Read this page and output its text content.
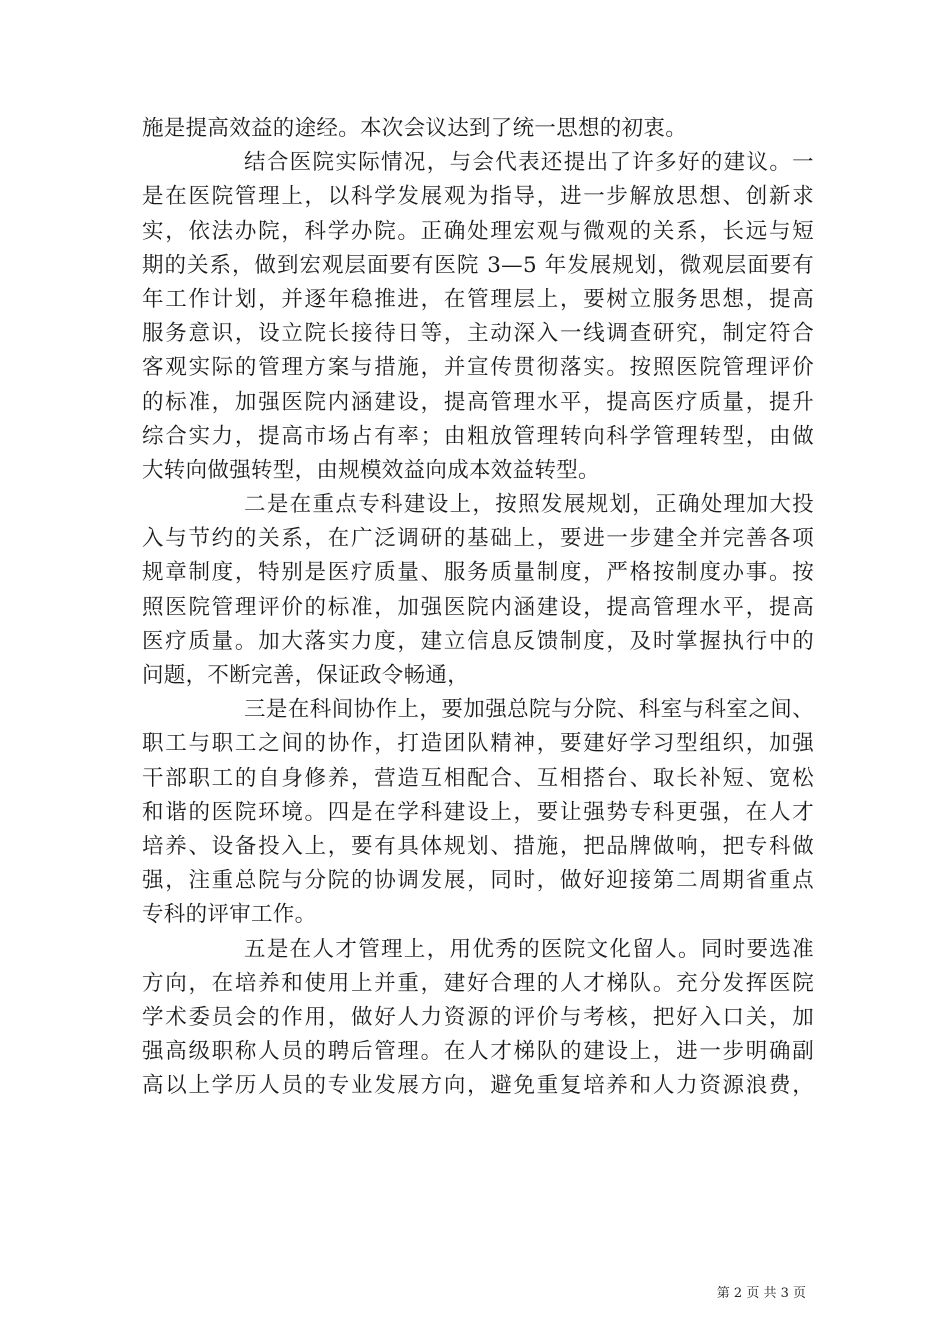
施是提高效益的途经。本次会议达到了统一思想的初衷。
结合医院实际情况，与会代表还提出了许多好的建议。一
是在医院管理上，以科学发展观为指导，进一步解放思想、创新求
实，依法办院，科学办院。正确处理宏观与微观的关系，长远与短
期的关系，做到宏观层面要有医院 3—5 年发展规划，微观层面要有
年工作计划，并逐年稳推进，在管理层上，要树立服务思想，提高
服务意识，设立院长接待日等，主动深入一线调查研究，制定符合
客观实际的管理方案与措施，并宣传贯彻落实。按照医院管理评价
的标准，加强医院内涵建设，提高管理水平，提高医疗质量，提升
综合实力，提高市场占有率；由粗放管理转向科学管理转型，由做
大转向做强转型，由规模效益向成本效益转型。
二是在重点专科建设上，按照发展规划，正确处理加大投
入与节约的关系，在广泛调研的基础上，要进一步建全并完善各项
规章制度，特别是医疗质量、服务质量制度，严格按制度办事。按
照医院管理评价的标准，加强医院内涵建设，提高管理水平，提高
医疗质量。加大落实力度，建立信息反馈制度，及时掌握执行中的
问题，不断完善，保证政令畅通，
三是在科间协作上，要加强总院与分院、科室与科室之间、
职工与职工之间的协作，打造团队精神，要建好学习型组织，加强
干部职工的自身修养，营造互相配合、互相搭台、取长补短、宽松
和谐的医院环境。四是在学科建设上，要让强势专科更强，在人才
培养、设备投入上，要有具体规划、措施，把品牌做响，把专科做
强，注重总院与分院的协调发展，同时，做好迎接第二周期省重点
专科的评审工作。
五是在人才管理上，用优秀的医院文化留人。同时要选准
方向，在培养和使用上并重，建好合理的人才梯队。充分发挥医院
学术委员会的作用，做好人力资源的评价与考核，把好入口关，加
强高级职称人员的聘后管理。在人才梯队的建设上，进一步明确副
高以上学历人员的专业发展方向，避免重复培养和人力资源浪费，
第 2 页 共 3 页
